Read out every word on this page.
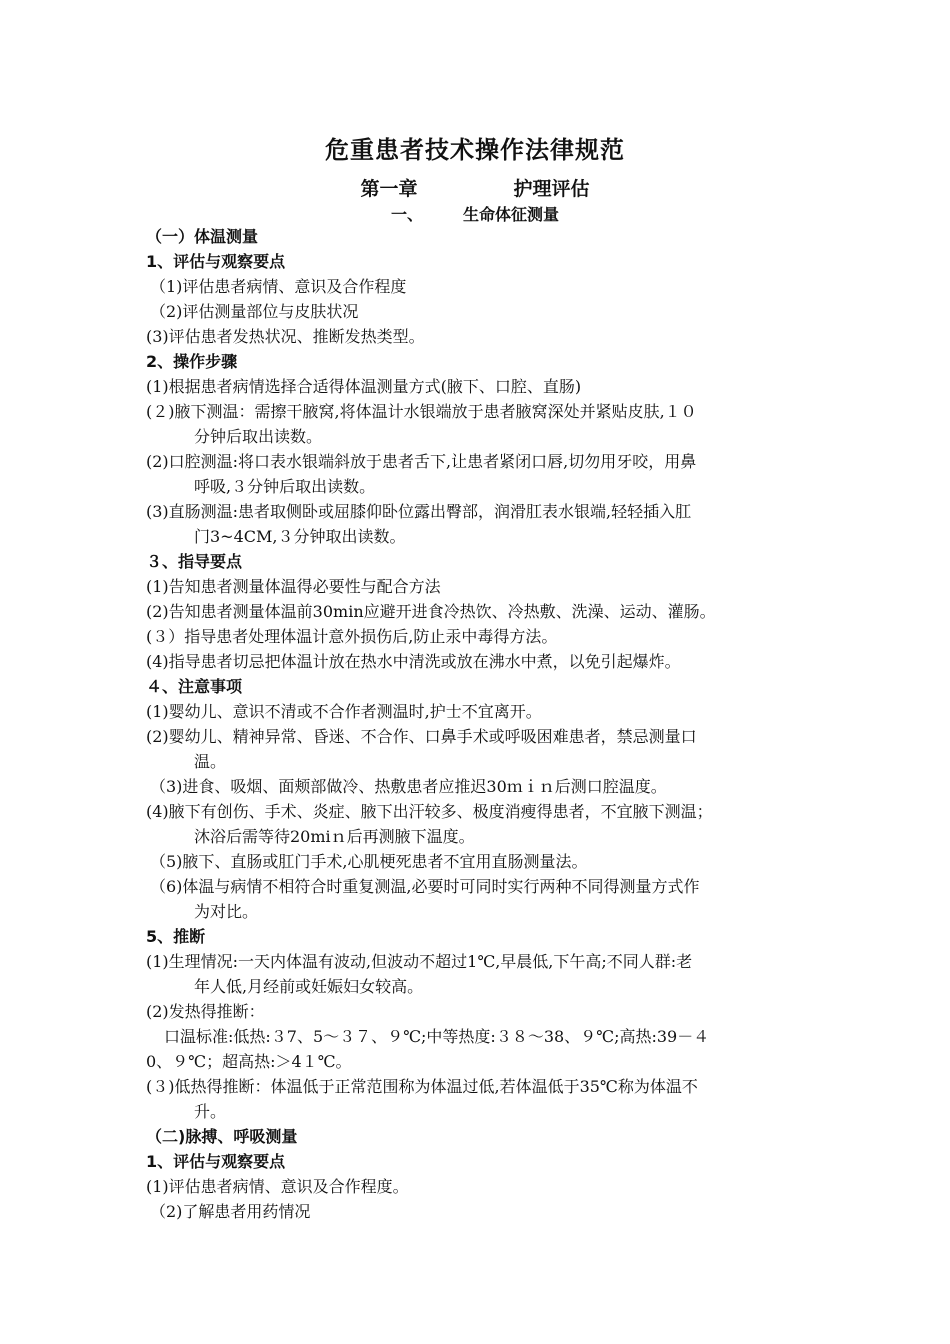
危重患者技术操作法律规范
第一章	护理评估
一、	生命体征测量
（一）体温测量
1、评估与观察要点
（1)评估患者病情、意识及合作程度
（2)评估测量部位与皮肤状况
(3)评估患者发热状况、推断发热类型。
2、操作步骤
(1)根据患者病情选择合适得体温测量方式(腋下、口腔、直肠)
(２)腋下测温：需擦干腋窝,将体温计水银端放于患者腋窝深处并紧贴皮肤,１０
分钟后取出读数。
(2)口腔测温:将口表水银端斜放于患者舌下,让患者紧闭口唇,切勿用牙咬，用鼻
呼吸,３分钟后取出读数。
(3)直肠测温:患者取侧卧或屈膝仰卧位露出臀部，润滑肛表水银端,轻轻插入肛
门3~4CM,３分钟取出读数。
３、指导要点
(1)告知患者测量体温得必要性与配合方法
(2)告知患者测量体温前30min应避开进食冷热饮、冷热敷、洗澡、运动、灌肠。
(３）指导患者处理体温计意外损伤后,防止汞中毒得方法。
(4)指导患者切忌把体温计放在热水中清洗或放在沸水中煮，以免引起爆炸。
４、注意事项
(1)婴幼儿、意识不清或不合作者测温时,护士不宜离开。
(2)婴幼儿、精神异常、昏迷、不合作、口鼻手术或呼吸困难患者，禁忌测量口
温。
（3)进食、吸烟、面颊部做冷、热敷患者应推迟30ｍｉｎ后测口腔温度。
(4)腋下有创伤、手术、炎症、腋下出汗较多、极度消瘦得患者，不宜腋下测温；
沐浴后需等待20miｎ后再测腋下温度。
（5)腋下、直肠或肛门手术,心肌梗死患者不宜用直肠测量法。
（6)体温与病情不相符合时重复测温,必要时可同时实行两种不同得测量方式作
为对比。
5、推断
(1)生理情况:一天内体温有波动,但波动不超过1℃,早晨低,下午高;不同人群:老
年人低,月经前或妊娠妇女较高。
(2)发热得推断：
口温标准:低热:３7、5～３７、９℃;中等热度:３８～38、９℃;高热:39－４
0、９℃；超高热:＞4１℃。
(３)低热得推断：体温低于正常范围称为体温过低,若体温低于35℃称为体温不
升。
（二)脉搏、呼吸测量
1、评估与观察要点
(1)评估患者病情、意识及合作程度。
（2)了解患者用药情况
